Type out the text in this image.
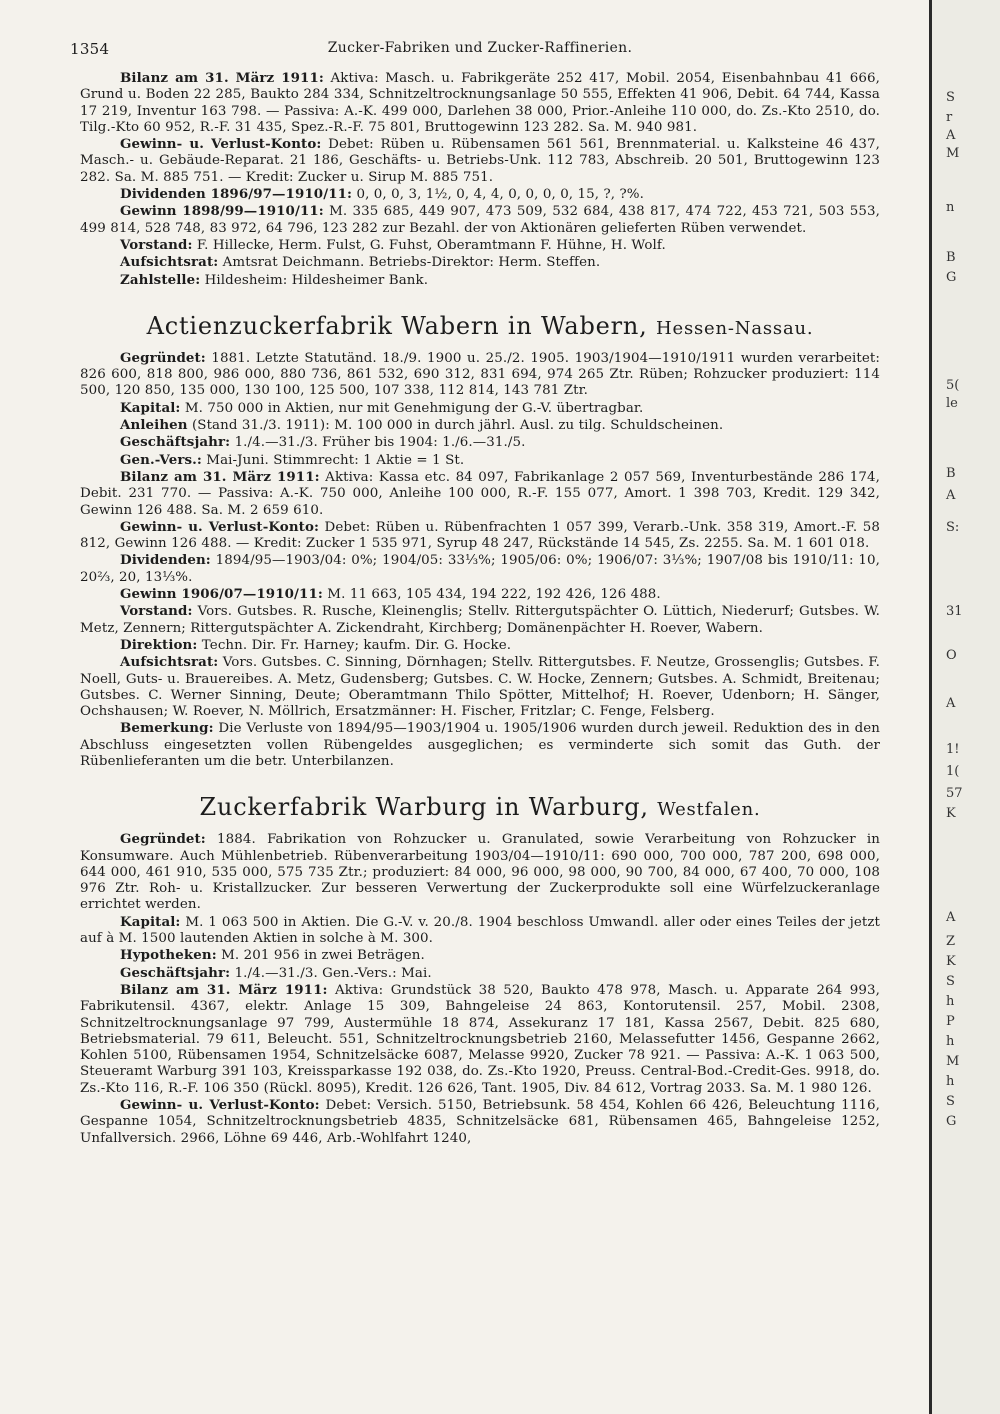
1354	Zucker-Fabriken und Zucker-Raffinerien.

Bilanz am 31. März 1911: Aktiva: Masch. u. Fabrikgeräte 252 417, Mobil. 2054, Eisenbahnbau 41 666, Grund u. Boden 22 285, Baukto 284 334, Schnitzeltrocknungsanlage 50 555, Effekten 41 906, Debit. 64 744, Kassa 17 219, Inventur 163 798. — Passiva: A.-K. 499 000, Darlehen 38 000, Prior.-Anleihe 110 000, do. Zs.-Kto 2510, do. Tilg.-Kto 60 952, R.-F. 31 435, Spez.-R.-F. 75 801, Bruttogewinn 123 282. Sa. M. 940 981.

Gewinn- u. Verlust-Konto: Debet: Rüben u. Rübensamen 561 561, Brennmaterial. u. Kalksteine 46 437, Masch.- u. Gebäude-Reparat. 21 186, Geschäfts- u. Betriebs-Unk. 112 783, Abschreib. 20 501, Bruttogewinn 123 282. Sa. M. 885 751. — Kredit: Zucker u. Sirup M. 885 751.

Dividenden 1896/97—1910/11: 0, 0, 0, 3, 1½, 0, 4, 4, 0, 0, 0, 0, 15, ?, ?%.

Gewinn 1898/99—1910/11: M. 335 685, 449 907, 473 509, 532 684, 438 817, 474 722, 453 721, 503 553, 499 814, 528 748, 83 972, 64 796, 123 282 zur Bezahl. der von Aktionären gelieferten Rüben verwendet.

Vorstand: F. Hillecke, Herm. Fulst, G. Fuhst, Oberamtmann F. Hühne, H. Wolf.

Aufsichtsrat: Amtsrat Deichmann. Betriebs-Direktor: Herm. Steffen.

Zahlstelle: Hildesheim: Hildesheimer Bank.

Actienzuckerfabrik Wabern in Wabern, Hessen-Nassau.

Gegründet: 1881. Letzte Statutänd. 18./9. 1900 u. 25./2. 1905. 1903/1904—1910/1911 wurden verarbeitet: 826 600, 818 800, 986 000, 880 736, 861 532, 690 312, 831 694, 974 265 Ztr. Rüben; Rohzucker produziert: 114 500, 120 850, 135 000, 130 100, 125 500, 107 338, 112 814, 143 781 Ztr.

Kapital: M. 750 000 in Aktien, nur mit Genehmigung der G.-V. übertragbar.

Anleihen (Stand 31./3. 1911): M. 100 000 in durch jährl. Ausl. zu tilg. Schuldscheinen.

Geschäftsjahr: 1./4.—31./3. Früher bis 1904: 1./6.—31./5.

Gen.-Vers.: Mai-Juni. Stimmrecht: 1 Aktie = 1 St.

Bilanz am 31. März 1911: Aktiva: Kassa etc. 84 097, Fabrikanlage 2 057 569, Inventurbestände 286 174, Debit. 231 770. — Passiva: A.-K. 750 000, Anleihe 100 000, R.-F. 155 077, Amort. 1 398 703, Kredit. 129 342, Gewinn 126 488. Sa. M. 2 659 610.

Gewinn- u. Verlust-Konto: Debet: Rüben u. Rübenfrachten 1 057 399, Verarb.-Unk. 358 319, Amort.-F. 58 812, Gewinn 126 488. — Kredit: Zucker 1 535 971, Syrup 48 247, Rückstände 14 545, Zs. 2255. Sa. M. 1 601 018.

Dividenden: 1894/95—1903/04: 0%; 1904/05: 33⅓%; 1905/06: 0%; 1906/07: 3⅓%; 1907/08 bis 1910/11: 10, 20⅔, 20, 13⅓%.

Gewinn 1906/07—1910/11: M. 11 663, 105 434, 194 222, 192 426, 126 488.

Vorstand: Vors. Gutsbes. R. Rusche, Kleinenglis; Stellv. Rittergutspächter O. Lüttich, Niederurf; Gutsbes. W. Metz, Zennern; Rittergutspächter A. Zickendraht, Kirchberg; Domänenpächter H. Roever, Wabern.

Direktion: Techn. Dir. Fr. Harney; kaufm. Dir. G. Hocke.

Aufsichtsrat: Vors. Gutsbes. C. Sinning, Dörnhagen; Stellv. Rittergutsbes. F. Neutze, Grossenglis; Gutsbes. F. Noell, Guts- u. Brauereibes. A. Metz, Gudensberg; Gutsbes. C. W. Hocke, Zennern; Gutsbes. A. Schmidt, Breitenau; Gutsbes. C. Werner Sinning, Deute; Oberamtmann Thilo Spötter, Mittelhof; H. Roever, Udenborn; H. Sänger, Ochshausen; W. Roever, N. Möllrich, Ersatzmänner: H. Fischer, Fritzlar; C. Fenge, Felsberg.

Bemerkung: Die Verluste von 1894/95—1903/1904 u. 1905/1906 wurden durch jeweil. Reduktion des in den Abschluss eingesetzten vollen Rübengeldes ausgeglichen; es verminderte sich somit das Guth. der Rübenlieferanten um die betr. Unterbilanzen.

Zuckerfabrik Warburg in Warburg, Westfalen.

Gegründet: 1884. Fabrikation von Rohzucker u. Granulated, sowie Verarbeitung von Rohzucker in Konsumware. Auch Mühlenbetrieb. Rübenverarbeitung 1903/04—1910/11: 690 000, 700 000, 787 200, 698 000, 644 000, 461 910, 535 000, 575 735 Ztr.; produziert: 84 000, 96 000, 98 000, 90 700, 84 000, 67 400, 70 000, 108 976 Ztr. Roh- u. Kristallzucker. Zur besseren Verwertung der Zuckerprodukte soll eine Würfelzuckeranlage errichtet werden.

Kapital: M. 1 063 500 in Aktien. Die G.-V. v. 20./8. 1904 beschloss Umwandl. aller oder eines Teiles der jetzt auf à M. 1500 lautenden Aktien in solche à M. 300.

Hypotheken: M. 201 956 in zwei Beträgen.

Geschäftsjahr: 1./4.—31./3. Gen.-Vers.: Mai.

Bilanz am 31. März 1911: Aktiva: Grundstück 38 520, Baukto 478 978, Masch. u. Apparate 264 993, Fabrikutensil. 4367, elektr. Anlage 15 309, Bahngeleise 24 863, Kontorutensil. 257, Mobil. 2308, Schnitzeltrocknungsanlage 97 799, Austermühle 18 874, Assekuranz 17 181, Kassa 2567, Debit. 825 680, Betriebsmaterial. 79 611, Beleucht. 551, Schnitzeltrocknungsbetrieb 2160, Melassefutter 1456, Gespanne 2662, Kohlen 5100, Rübensamen 1954, Schnitzelsäcke 6087, Melasse 9920, Zucker 78 921. — Passiva: A.-K. 1 063 500, Steueramt Warburg 391 103, Kreissparkasse 192 038, do. Zs.-Kto 1920, Preuss. Central-Bod.-Credit-Ges. 9918, do. Zs.-Kto 116, R.-F. 106 350 (Rückl. 8095), Kredit. 126 626, Tant. 1905, Div. 84 612, Vortrag 2033. Sa. M. 1 980 126.

Gewinn- u. Verlust-Konto: Debet: Versich. 5150, Betriebsunk. 58 454, Kohlen 66 426, Beleuchtung 1116, Gespanne 1054, Schnitzeltrocknungsbetrieb 4835, Schnitzelsäcke 681, Rübensamen 465, Bahngeleise 1252, Unfallversich. 2966, Löhne 69 446, Arb.-Wohlfahrt 1240,

S
r
A
M
n
B
G
5(
le
B
A
S:
31
O
A
1!
1(
57
K
A
Z
K
S
h
P
h
M
h
S
G
